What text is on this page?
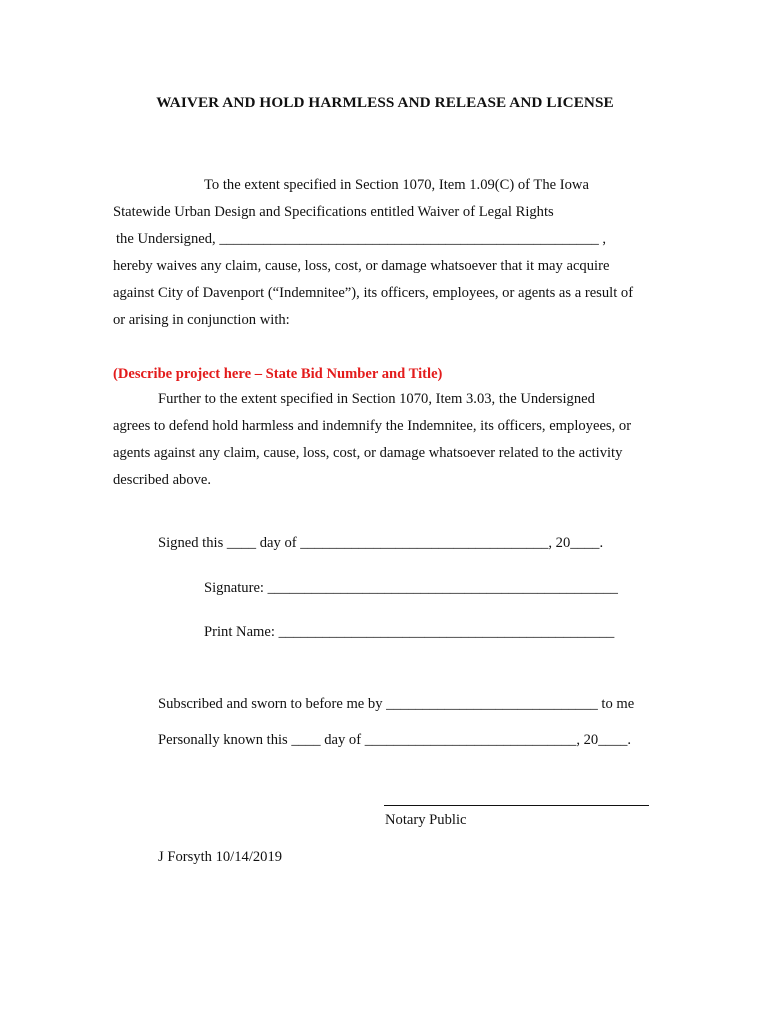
WAIVER AND HOLD HARMLESS AND RELEASE AND LICENSE
To the extent specified in Section 1070, Item 1.09(C) of The Iowa
Statewide Urban Design and Specifications entitled Waiver of Legal Rights
the Undersigned, ____________________________________________________ ,
hereby waives any claim, cause, loss, cost, or damage whatsoever that it may acquire
against City of Davenport (“Indemnitee”), its officers, employees, or agents as a result of
or arising in conjunction with:
(Describe project here – State Bid Number and Title)
Further to the extent specified in Section 1070, Item 3.03, the Undersigned
agrees to defend hold harmless and indemnify the Indemnitee, its officers, employees, or
agents against any claim, cause, loss, cost, or damage whatsoever related to the activity
described above.
Signed this ____ day of __________________________________, 20____.
Signature: ________________________________________________
Print Name: ______________________________________________
Subscribed and sworn to before me by _____________________________ to me
Personally known this ____ day of _____________________________, 20____.
Notary Public
J Forsyth 10/14/2019
